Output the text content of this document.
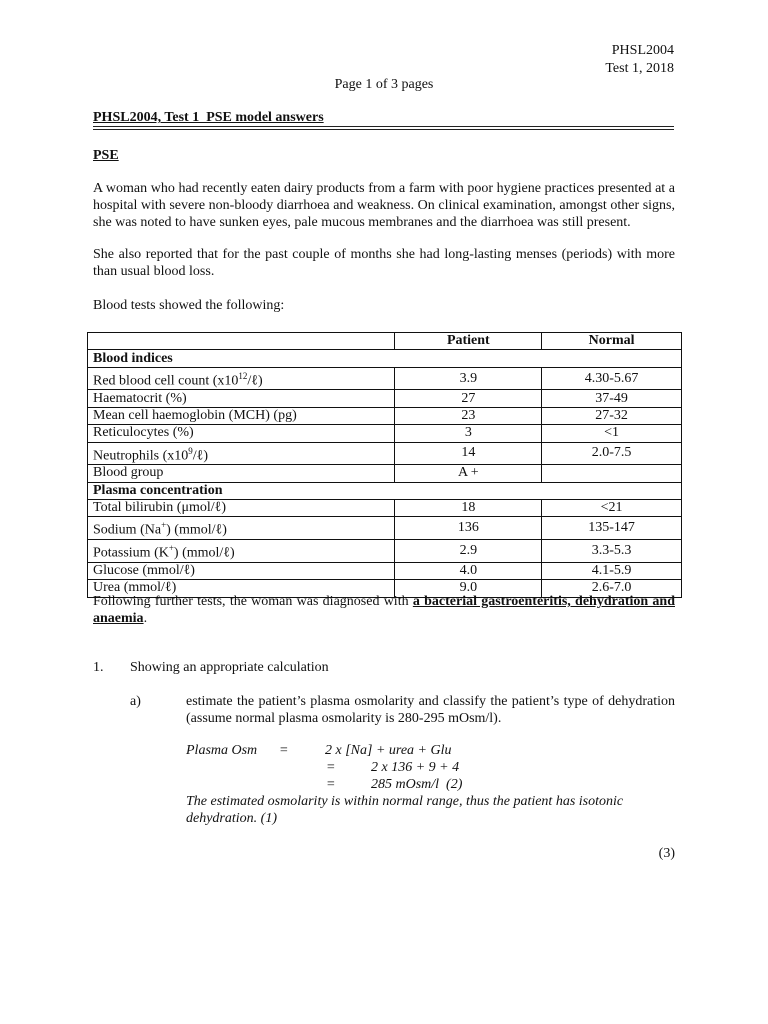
PHSL2004
Test 1, 2018
Page 1 of 3 pages
PHSL2004, Test 1  PSE model answers
PSE
A woman who had recently eaten dairy products from a farm with poor hygiene practices presented at a hospital with severe non-bloody diarrhoea and weakness. On clinical examination, amongst other signs, she was noted to have sunken eyes, pale mucous membranes and the diarrhoea was still present.
She also reported that for the past couple of months she had long-lasting menses (periods) with more than usual blood loss.
Blood tests showed the following:
	Patient	Normal
Blood indices		
Red blood cell count $(x10^{12}/\ell)$	3.9	4.30-5.67
Haematocrit (%)	27	37-49
Mean cell haemoglobin (MCH) (pg)	23	27-32
Reticulocytes (%)	3	<1
Neutrophils $(x10^9/\ell)$	14	2.0-7.5
Blood group	A +	
Plasma concentration		
Total bilirubin (μmol/ℓ)	18	<21
Sodium (Na+) (mmol/ℓ)	136	135-147
Potassium (K+) (mmol/ℓ)	2.9	3.3-5.3
Glucose (mmol/ℓ)	4.0	4.1-5.9
Urea (mmol/ℓ)	9.0	2.6-7.0
Following further tests, the woman was diagnosed with a bacterial gastroenteritis, dehydration and anaemia.
1. Showing an appropriate calculation
a)	estimate the patient’s plasma osmolarity and classify the patient’s type of dehydration (assume normal plasma osmolarity is 280-295 mOsm/l).
Plasma Osm =	2 x [Na] + urea + Glu
=	2 x 136 + 9 + 4
=	285 mOsm/l  (2)
The estimated osmolarity is within normal range, thus the patient has isotonic dehydration. (1)
(3)
